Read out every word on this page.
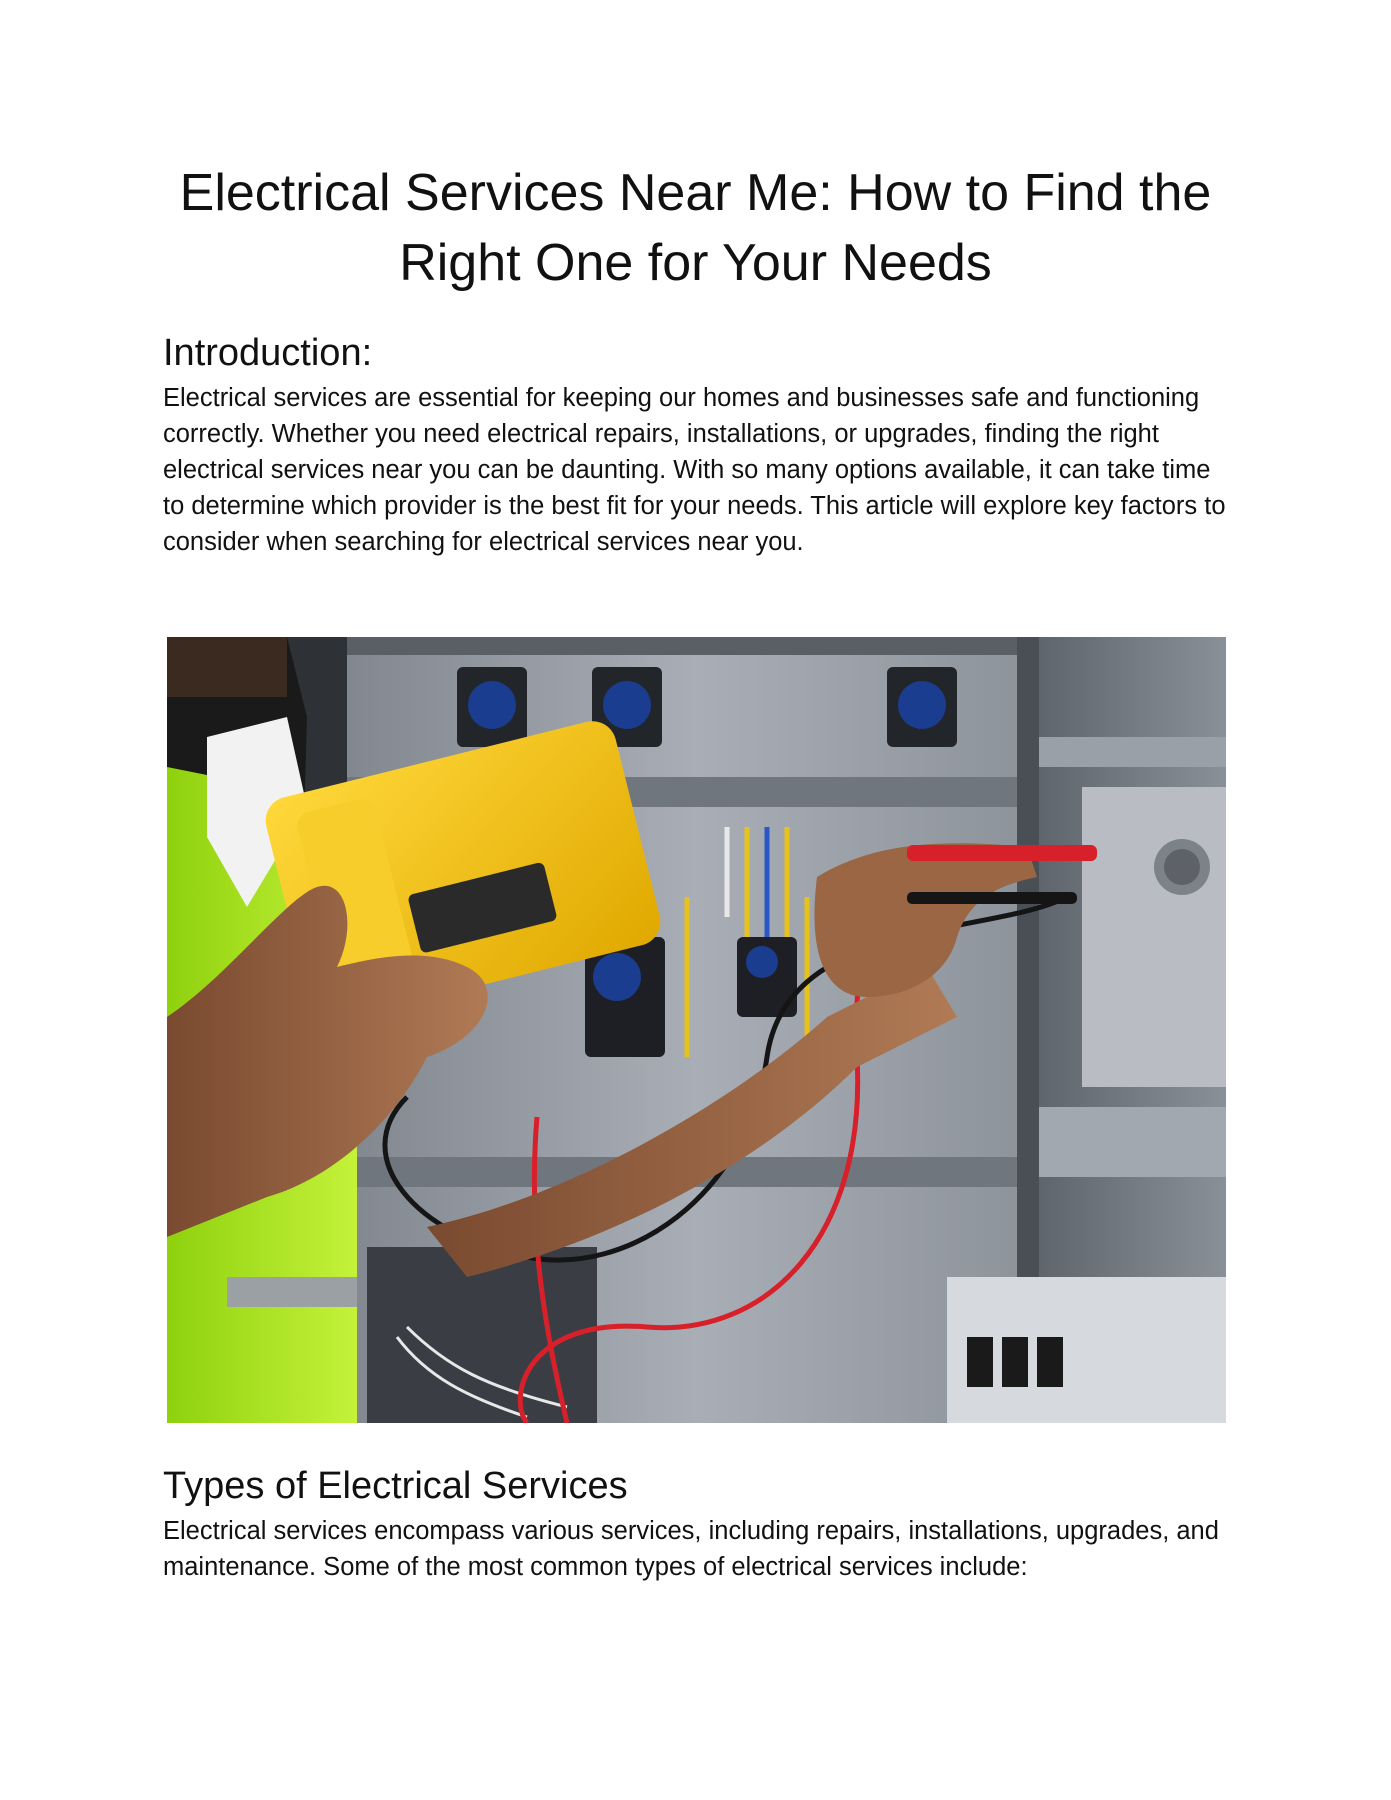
Electrical Services Near Me: How to Find the Right One for Your Needs
Introduction:

Electrical services are essential for keeping our homes and businesses safe and functioning correctly. Whether you need electrical repairs, installations, or upgrades, finding the right electrical services near you can be daunting. With so many options available, it can take time to determine which provider is the best fit for your needs. This article will explore key factors to consider when searching for electrical services near you.

Types of Electrical Services

Electrical services encompass various services, including repairs, installations, upgrades, and maintenance. Some of the most common types of electrical services include:
